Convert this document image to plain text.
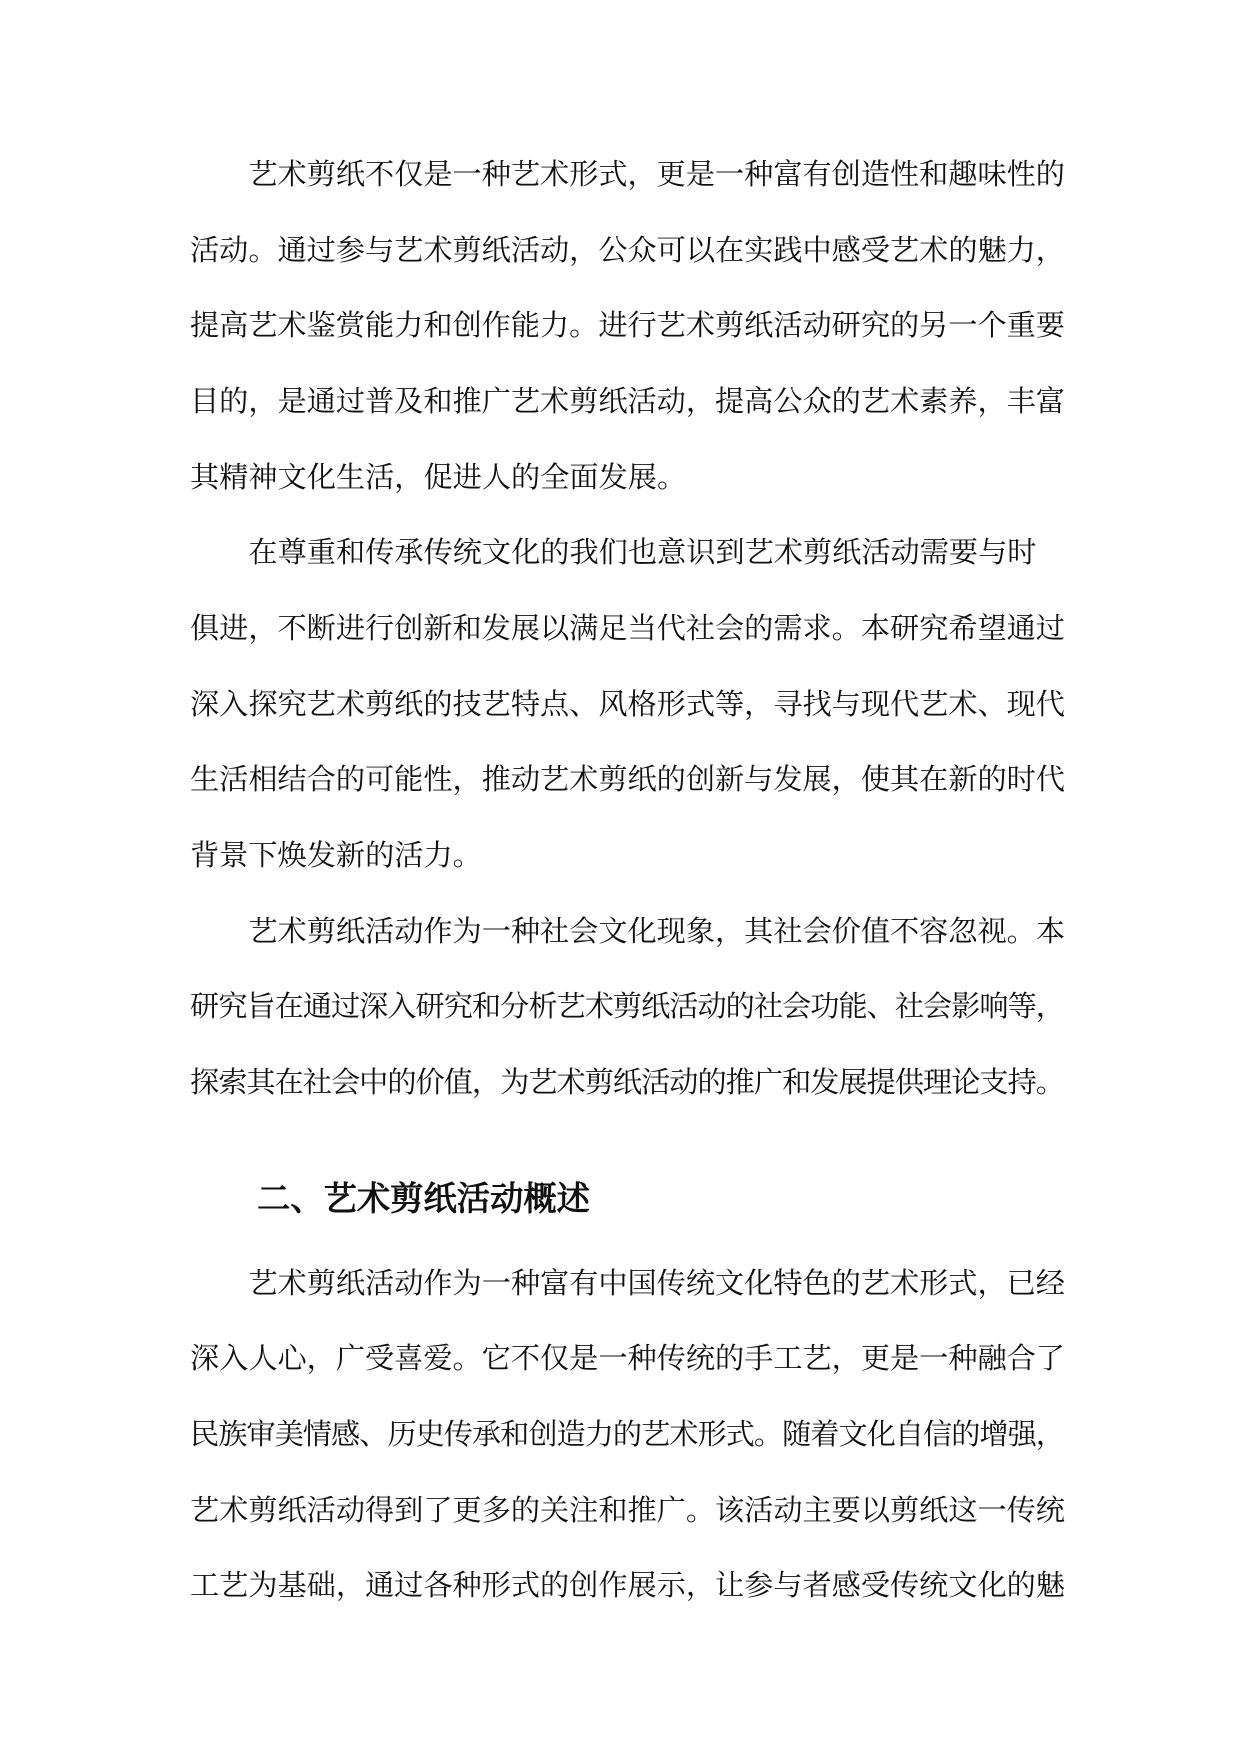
艺术剪纸不仅是一种艺术形式，更是一种富有创造性和趣味性的
活动。通过参与艺术剪纸活动，公众可以在实践中感受艺术的魅力，
提高艺术鉴赏能力和创作能力。进行艺术剪纸活动研究的另一个重要
目的，是通过普及和推广艺术剪纸活动，提高公众的艺术素养，丰富
其精神文化生活，促进人的全面发展。
在尊重和传承传统文化的我们也意识到艺术剪纸活动需要与时
俱进，不断进行创新和发展以满足当代社会的需求。本研究希望通过
深入探究艺术剪纸的技艺特点、风格形式等，寻找与现代艺术、现代
生活相结合的可能性，推动艺术剪纸的创新与发展，使其在新的时代
背景下焕发新的活力。
艺术剪纸活动作为一种社会文化现象，其社会价值不容忽视。本
研究旨在通过深入研究和分析艺术剪纸活动的社会功能、社会影响等，
探索其在社会中的价值，为艺术剪纸活动的推广和发展提供理论支持。
二、艺术剪纸活动概述
艺术剪纸活动作为一种富有中国传统文化特色的艺术形式，已经
深入人心，广受喜爱。它不仅是一种传统的手工艺，更是一种融合了
民族审美情感、历史传承和创造力的艺术形式。随着文化自信的增强，
艺术剪纸活动得到了更多的关注和推广。该活动主要以剪纸这一传统
工艺为基础，通过各种形式的创作展示，让参与者感受传统文化的魅
